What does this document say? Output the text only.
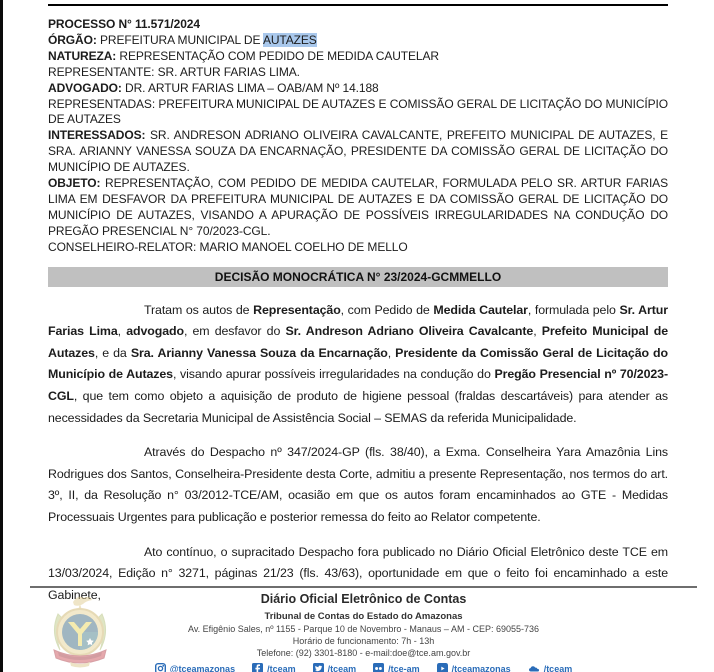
PROCESSO N° 11.571/2024

ÓRGÃO: PREFEITURA MUNICIPAL DE AUTAZES

NATUREZA: REPRESENTAÇÃO COM PEDIDO DE MEDIDA CAUTELAR

REPRESENTANTE: SR. ARTUR FARIAS LIMA.

ADVOGADO: DR. ARTUR FARIAS LIMA – OAB/AM Nº 14.188

REPRESENTADAS: PREFEITURA MUNICIPAL DE AUTAZES E COMISSÃO GERAL DE LICITAÇÃO DO MUNICÍPIO DE AUTAZES

INTERESSADOS: SR. ANDRESON ADRIANO OLIVEIRA CAVALCANTE, PREFEITO MUNICIPAL DE AUTAZES, E SRA. ARIANNY VANESSA SOUZA DA ENCARNAÇÃO, PRESIDENTE DA COMISSÃO GERAL DE LICITAÇÃO DO MUNICÍPIO DE AUTAZES.

OBJETO: REPRESENTAÇÃO, COM PEDIDO DE MEDIDA CAUTELAR, FORMULADA PELO SR. ARTUR FARIAS LIMA EM DESFAVOR DA PREFEITURA MUNICIPAL DE AUTAZES E DA COMISSÃO GERAL DE LICITAÇÃO DO MUNICÍPIO DE AUTAZES, VISANDO A APURAÇÃO DE POSSÍVEIS IRREGULARIDADES NA CONDUÇÃO DO PREGÃO PRESENCIAL N° 70/2023-CGL.

CONSELHEIRO-RELATOR: MARIO MANOEL COELHO DE MELLO

DECISÃO MONOCRÁTICA N° 23/2024-GCMMELLO

Tratam os autos de Representação, com Pedido de Medida Cautelar, formulada pelo Sr. Artur Farias Lima, advogado, em desfavor do Sr. Andreson Adriano Oliveira Cavalcante, Prefeito Municipal de Autazes, e da Sra. Arianny Vanessa Souza da Encarnação, Presidente da Comissão Geral de Licitação do Município de Autazes, visando apurar possíveis irregularidades na condução do Pregão Presencial nº 70/2023-CGL, que tem como objeto a aquisição de produto de higiene pessoal (fraldas descartáveis) para atender as necessidades da Secretaria Municipal de Assistência Social – SEMAS da referida Municipalidade.

Através do Despacho nº 347/2024-GP (fls. 38/40), a Exma. Conselheira Yara Amazônia Lins Rodrigues dos Santos, Conselheira-Presidente desta Corte, admitiu a presente Representação, nos termos do art. 3º, II, da Resolução n° 03/2012-TCE/AM, ocasião em que os autos foram encaminhados ao GTE - Medidas Processuais Urgentes para publicação e posterior remessa do feito ao Relator competente.

Ato contínuo, o supracitado Despacho fora publicado no Diário Oficial Eletrônico deste TCE em 13/03/2024, Edição n° 3271, páginas 21/23 (fls. 43/63), oportunidade em que o feito foi encaminhado a este Gabinete,	Diário Oficial Eletrônico de Contas
Tribunal de Contas do Estado do Amazonas
Av. Efigênio Sales, nº 1155 - Parque 10 de Novembro - Manaus – AM - CEP: 69055-736
Horário de funcionamento: 7h - 13h
Telefone: (92) 3301-8180 - e-mail:doe@tce.am.gov.br
@tceamazonas	/tceam	/tceam	/tce-am	/tceamazonas	/tceam
